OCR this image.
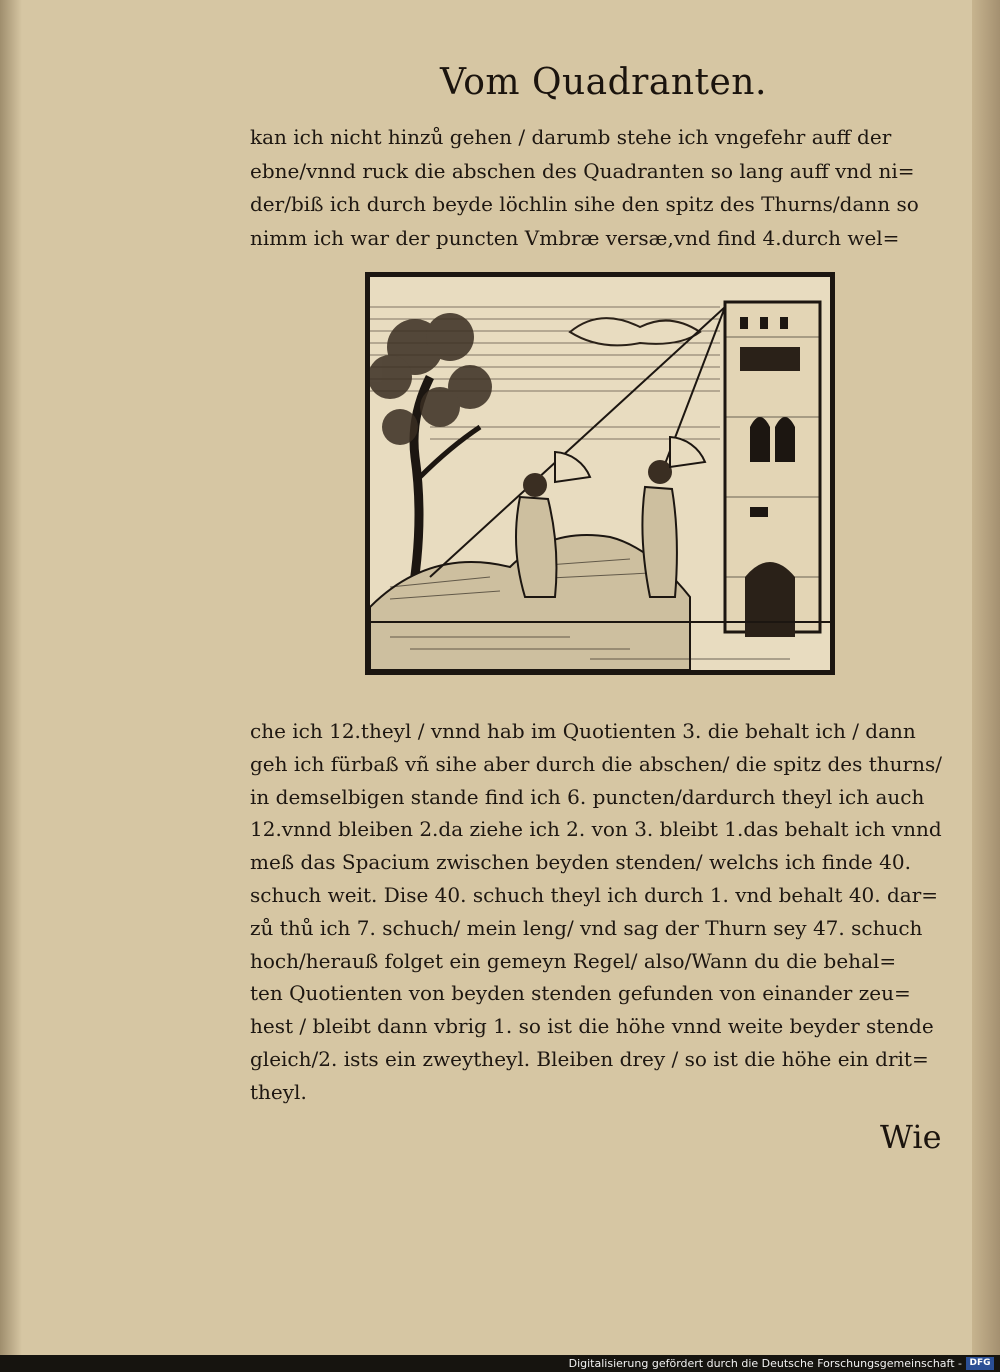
Vom Quadranten.
kan ich nicht hinzů gehen / darumb stehe ich vngefehr auff der
ebne/vnnd ruck die abschen des Quadranten so lang auff vnd ni=
der/biß ich durch beyde löchlin sihe den spitz des Thurns/dann so
nimm ich war der puncten Vmbræ versæ,vnd find 4.durch wel=
che ich 12.theyl / vnnd hab im Quotienten 3. die behalt ich / dann
geh ich fürbaß vñ sihe aber durch die abschen/ die spitz des thurns/
in demselbigen stande find ich 6. puncten/dardurch theyl ich auch
12.vnnd bleiben 2.da ziehe ich 2. von 3. bleibt 1.das behalt ich vnnd
meß das Spacium zwischen beyden stenden/ welchs ich finde 40.
schuch weit. Dise 40. schuch theyl ich durch 1. vnd behalt 40. dar=
zů thů ich 7. schuch/ mein leng/ vnd sag der Thurn sey 47. schuch
hoch/herauß folget ein gemeyn Regel/ also/Wann du die behal=
ten Quotienten von beyden stenden gefunden von einander zeu=
hest / bleibt dann vbrig 1. so ist die höhe vnnd weite beyder stende
gleich/2. ists ein zweytheyl. Bleiben drey / so ist die höhe ein drit=
theyl.
Wie
Digitalisierung gefördert durch die Deutsche Forschungsgemeinschaft - DFG
